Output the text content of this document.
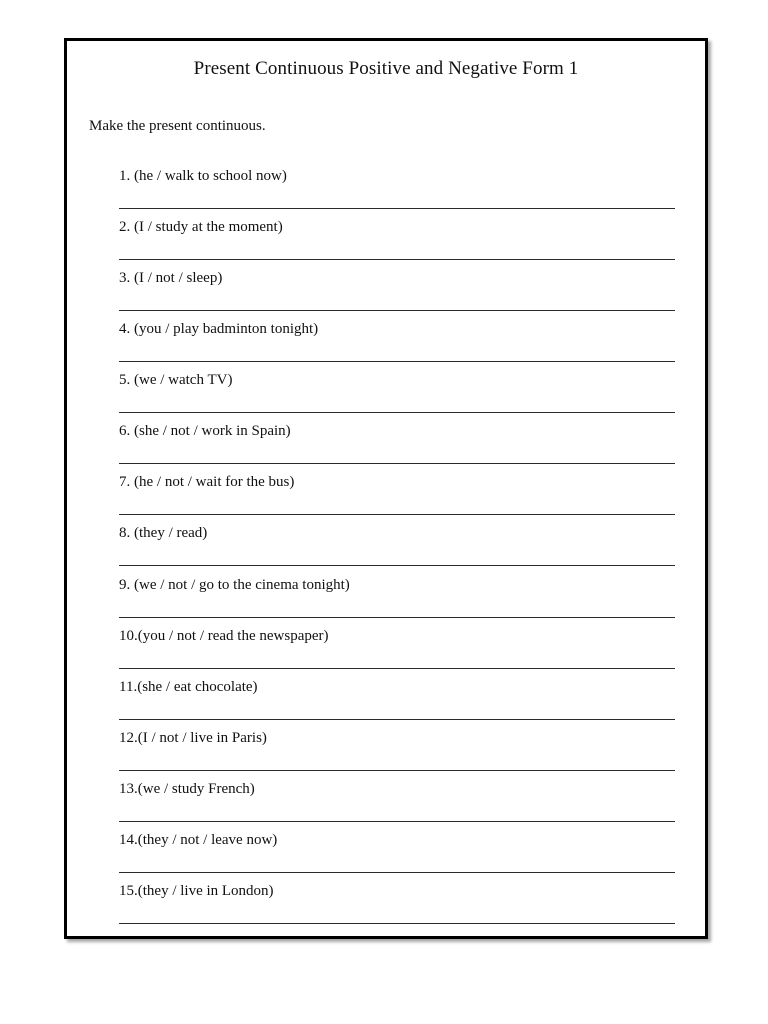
Present Continuous Positive and Negative Form 1
Make the present continuous.
1. (he / walk to school now)
2. (I / study at the moment)
3. (I / not / sleep)
4. (you / play badminton tonight)
5. (we / watch TV)
6. (she / not / work in Spain)
7. (he / not / wait for the bus)
8. (they / read)
9. (we / not / go to the cinema tonight)
10.(you / not / read the newspaper)
11.(she / eat chocolate)
12.(I / not / live in Paris)
13.(we / study French)
14.(they / not / leave now)
15.(they / live in London)
